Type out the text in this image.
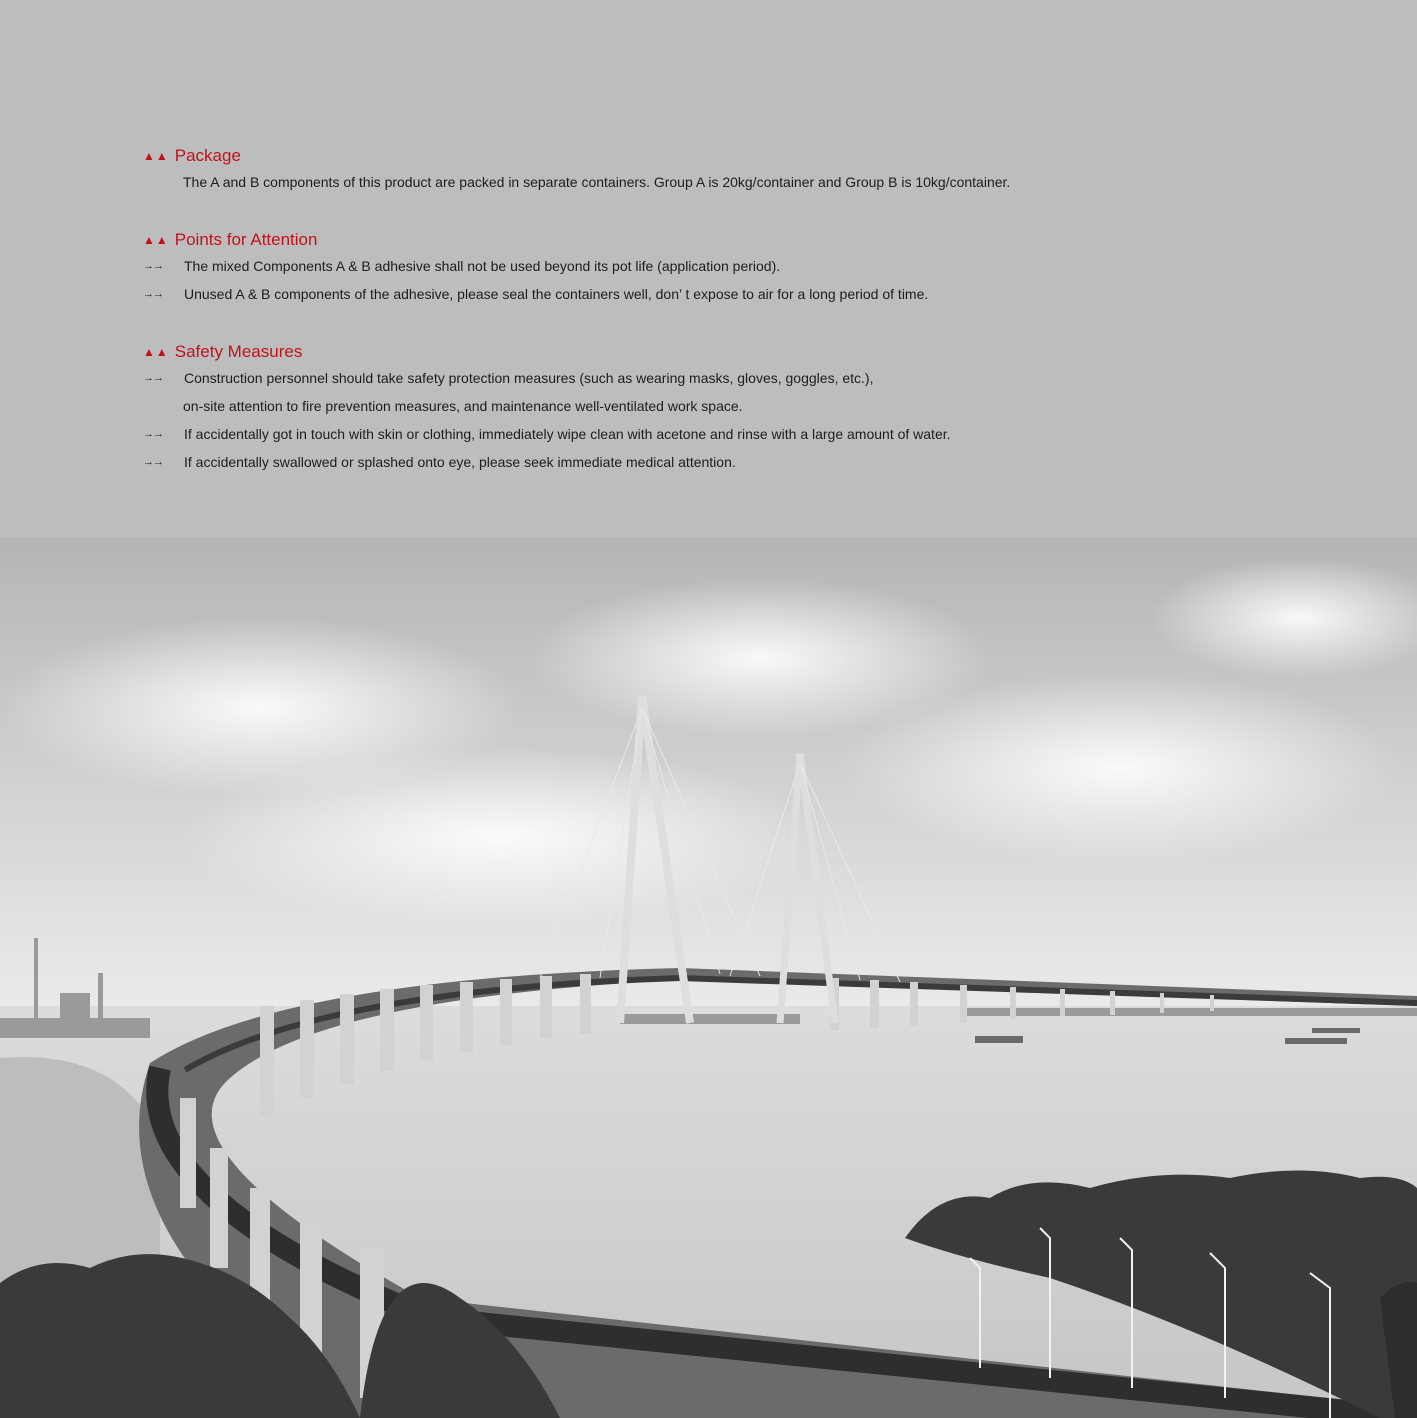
▲▲ Package
The A and B components of this product are packed in separate containers. Group A is 20kg/container and Group B is 10kg/container.
▲▲ Points for Attention
→→	The mixed Components A & B adhesive shall not be used beyond its pot life (application period).
→→	Unused A & B components of the adhesive, please seal the containers well, don’ t expose to air for a long period of time.
▲▲ Safety Measures
→→	Construction personnel should take safety protection measures (such as wearing masks, gloves, goggles, etc.),
on-site attention to fire prevention measures, and maintenance well-ventilated work space.
→→	If accidentally got in touch with skin or clothing, immediately wipe clean with acetone and rinse with a large amount of water.
→→	If accidentally swallowed or splashed onto eye, please seek immediate medical attention.
